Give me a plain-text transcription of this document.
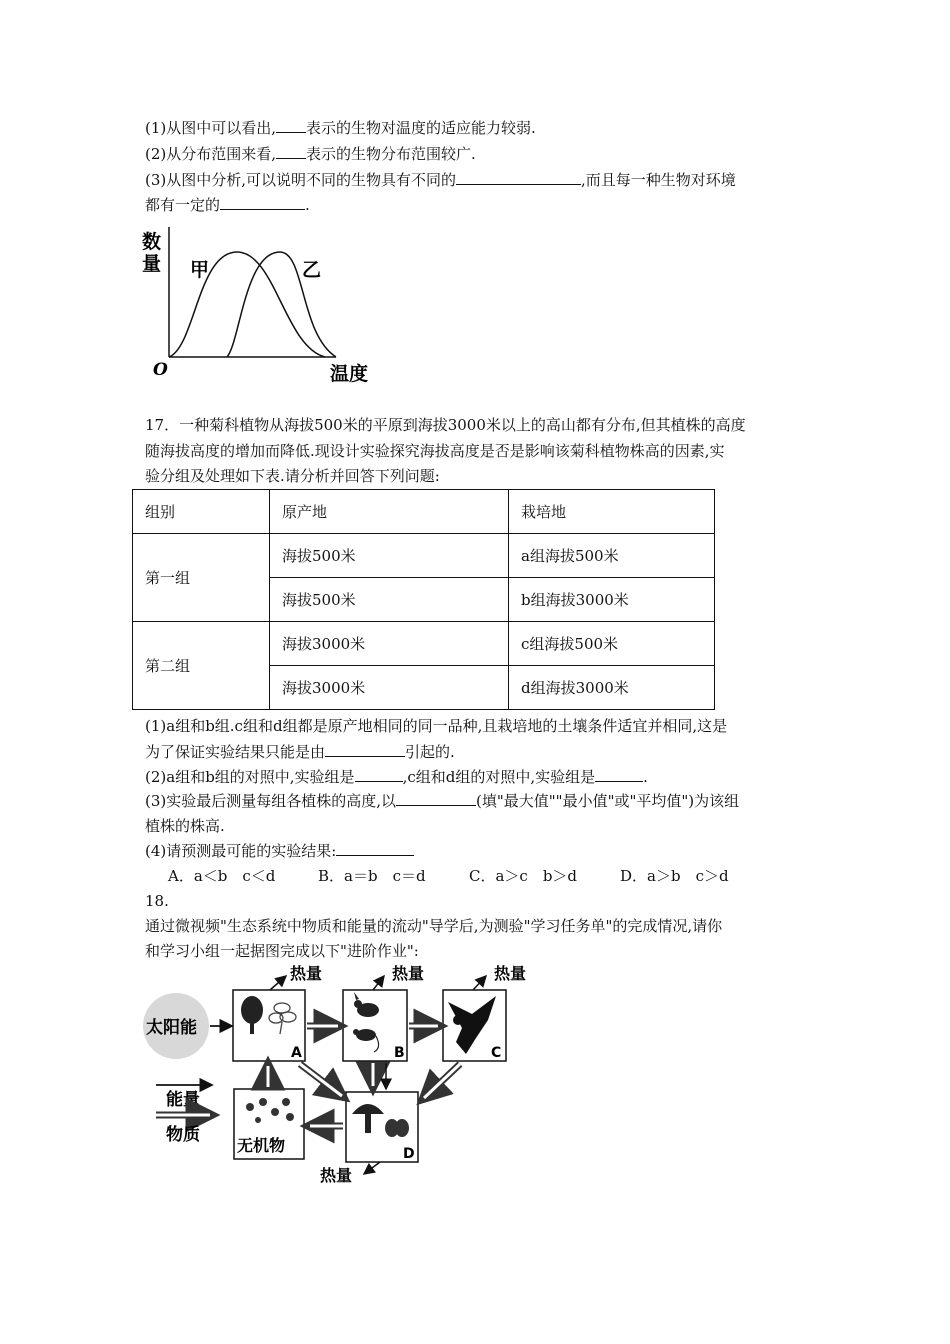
(1)从图中可以看出, 表示的生物对温度的适应能力较弱.
(2)从分布范围来看, 表示的生物分布范围较广.
(3)从图中分析,可以说明不同的生物具有不同的	,而且每一种生物对环境
都有一定的	.
数
量
温度
甲	乙
O
17．一种菊科植物从海拔500米的平原到海拔3000米以上的高山都有分布,但其植株的高度
随海拔高度的增加而降低.现设计实验探究海拔高度是否是影响该菊科植物株高的因素,实
验分组及处理如下表.请分析并回答下列问题:
组别	原产地	栽培地
第一组	海拔500米	a组海拔500米
	海拔500米	b组海拔3000米
第二组	海拔3000米	c组海拔500米
	海拔3000米	d组海拔3000米
(1)a组和b组.c组和d组都是原产地相同的同一品种,且栽培地的土壤条件适宜并相同,这是
为了保证实验结果只能是由	引起的.
(2)a组和b组的对照中,实验组是	,c组和d组的对照中,实验组是	.
(3)实验最后测量每组各植株的高度,以	(填"最大值""最小值"或"平均值")为该组
植株的株高.
(4)请预测最可能的实验结果:
A．a＜b　c＜d	B．a＝b　c＝d	C．a＞c　b＞d	D．a＞b　c＞d
18.
通过微视频"生态系统中物质和能量的流动"导学后,为测验"学习任务单"的完成情况,请你
和学习小组一起据图完成以下"进阶作业":
太阳能
A	B	C
D
无机物
热量	热量	热量
热量
能量
物质
